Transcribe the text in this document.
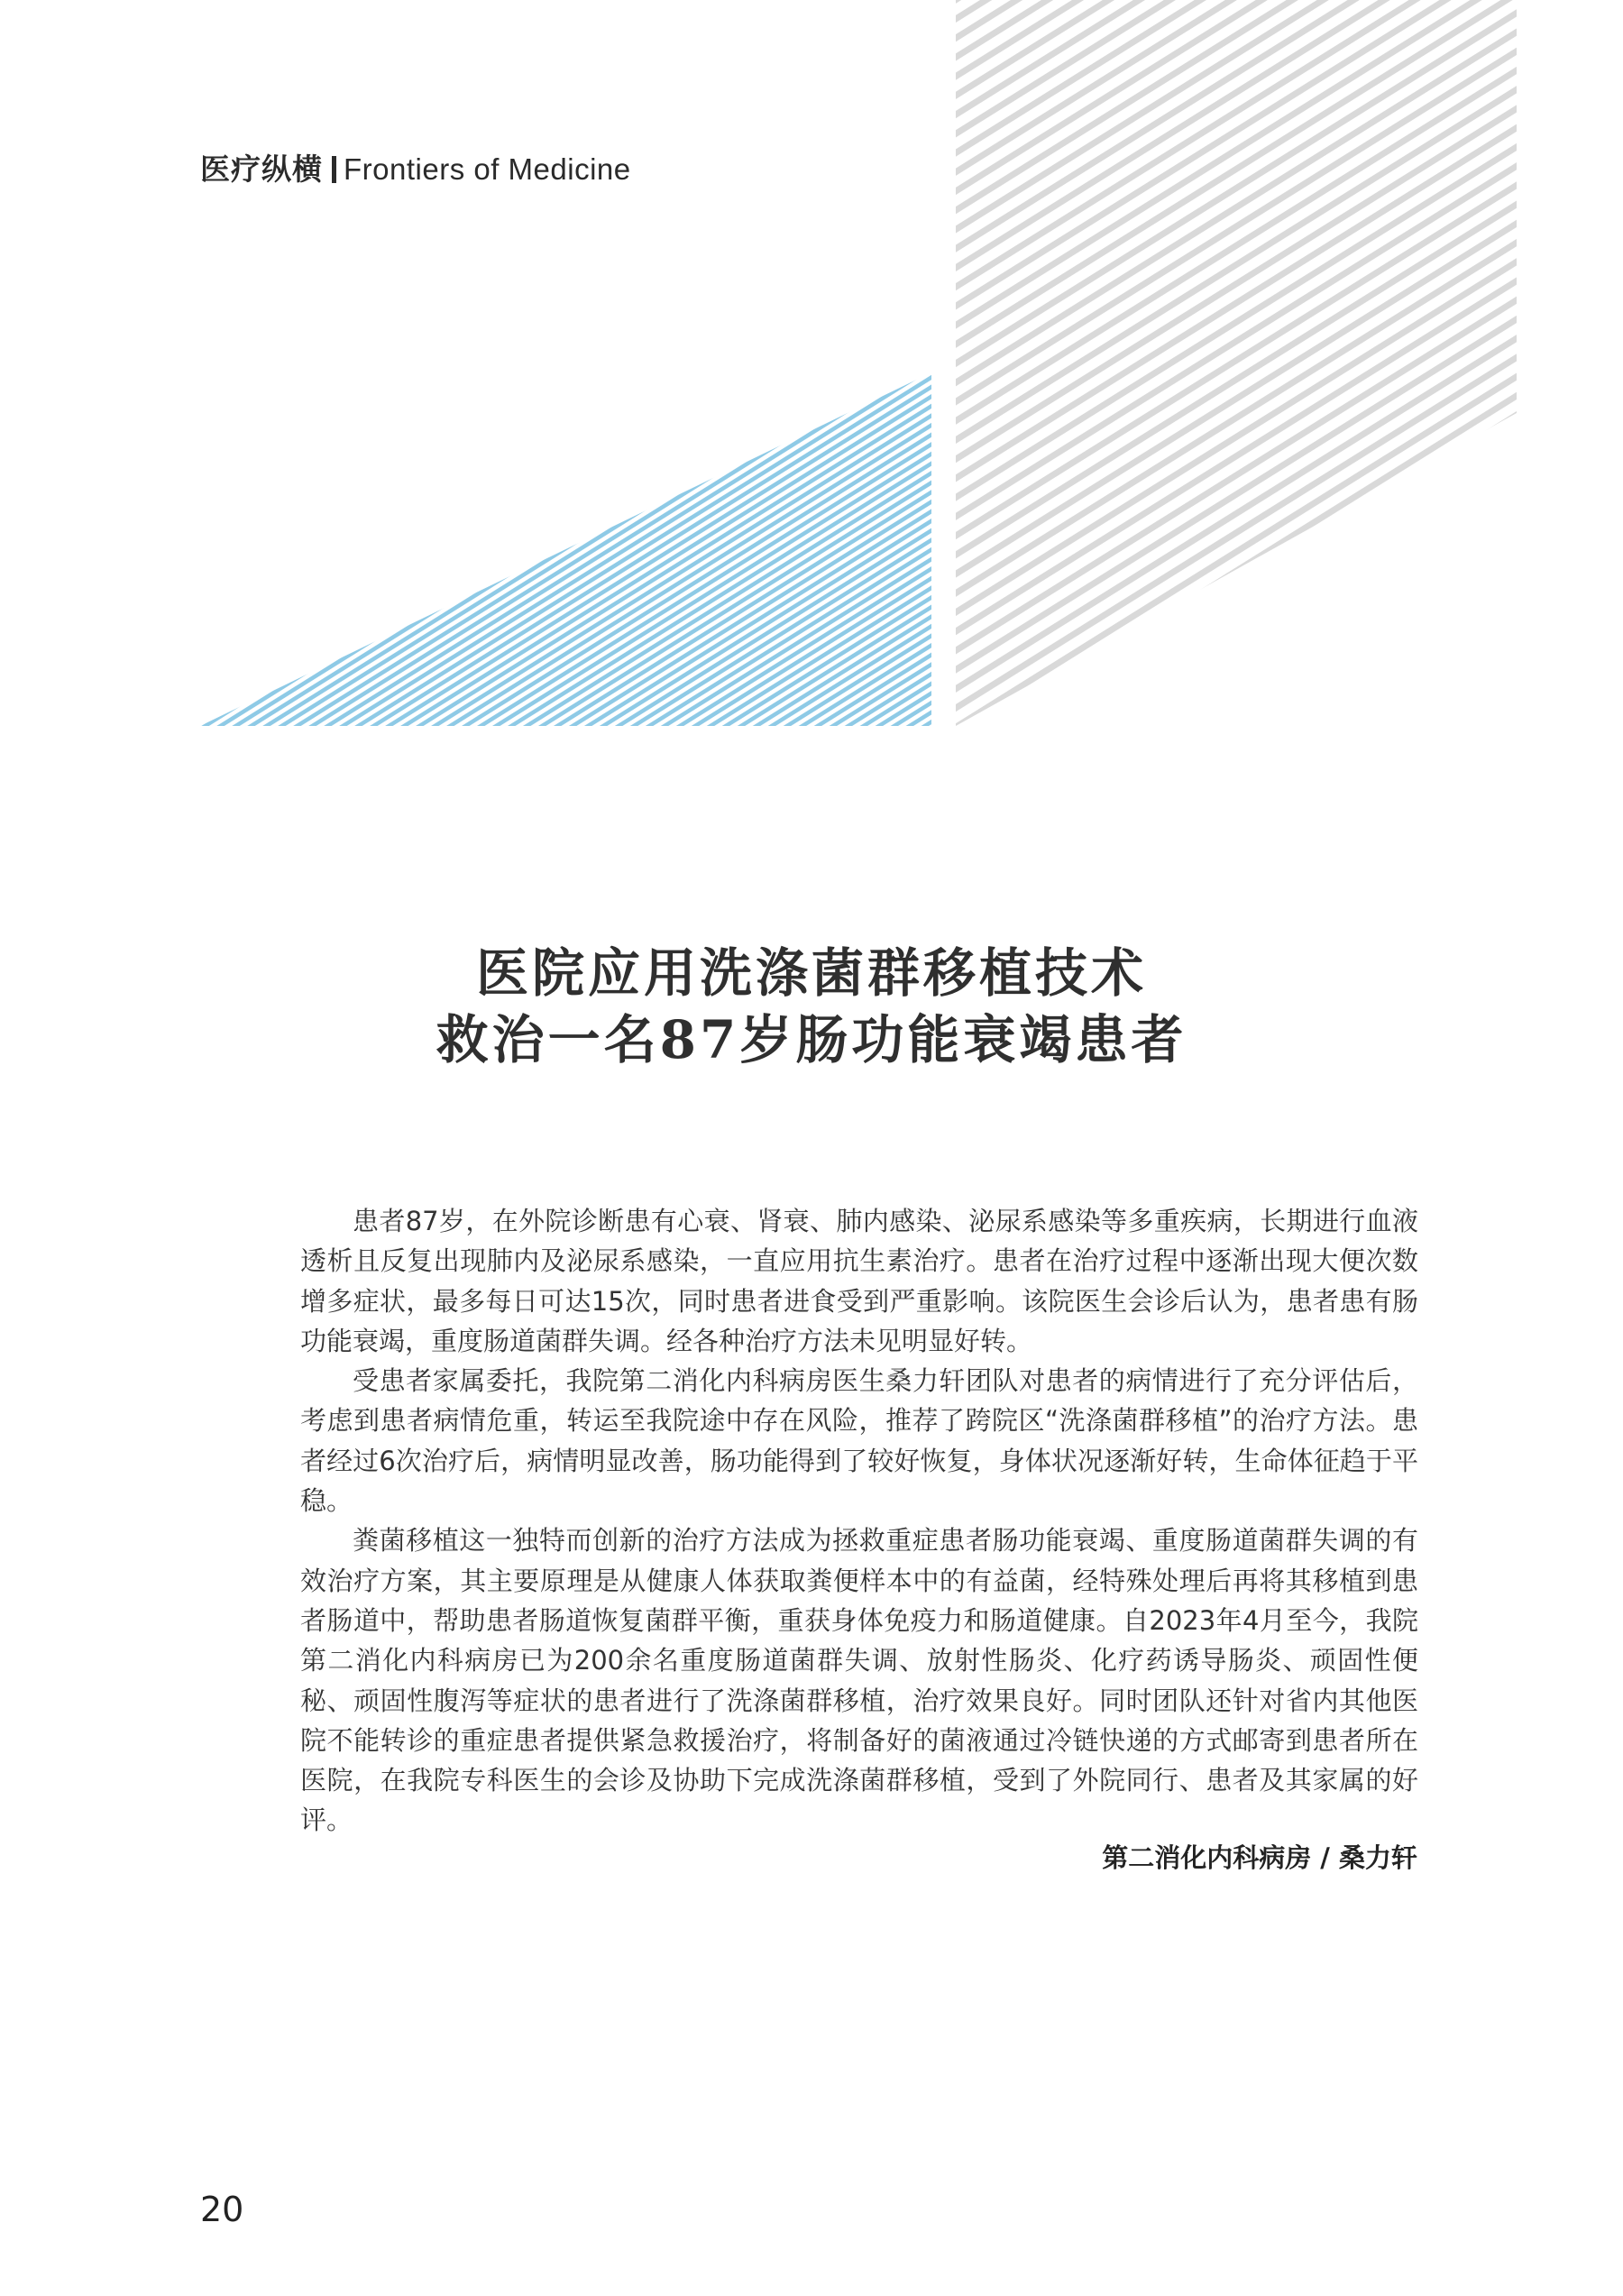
医疗纵横 Frontiers of Medicine
医院应用洗涤菌群移植技术
救治一名87岁肠功能衰竭患者

患者87岁，在外院诊断患有心衰、肾衰、肺内感染、泌尿系感染等多重疾病，长期进行血液透析且反复出现肺内及泌尿系感染，一直应用抗生素治疗。患者在治疗过程中逐渐出现大便次数增多症状，最多每日可达15次，同时患者进食受到严重影响。该院医生会诊后认为，患者患有肠功能衰竭，重度肠道菌群失调。经各种治疗方法未见明显好转。

受患者家属委托，我院第二消化内科病房医生桑力轩团队对患者的病情进行了充分评估后，考虑到患者病情危重，转运至我院途中存在风险，推荐了跨院区“洗涤菌群移植”的治疗方法。患者经过6次治疗后，病情明显改善，肠功能得到了较好恢复，身体状况逐渐好转，生命体征趋于平稳。

粪菌移植这一独特而创新的治疗方法成为拯救重症患者肠功能衰竭、重度肠道菌群失调的有效治疗方案，其主要原理是从健康人体获取粪便样本中的有益菌，经特殊处理后再将其移植到患者肠道中，帮助患者肠道恢复菌群平衡，重获身体免疫力和肠道健康。自2023年4月至今，我院第二消化内科病房已为200余名重度肠道菌群失调、放射性肠炎、化疗药诱导肠炎、顽固性便秘、顽固性腹泻等症状的患者进行了洗涤菌群移植，治疗效果良好。同时团队还针对省内其他医院不能转诊的重症患者提供紧急救援治疗，将制备好的菌液通过冷链快递的方式邮寄到患者所在医院，在我院专科医生的会诊及协助下完成洗涤菌群移植，受到了外院同行、患者及其家属的好评。

第二消化内科病房 / 桑力轩
20
